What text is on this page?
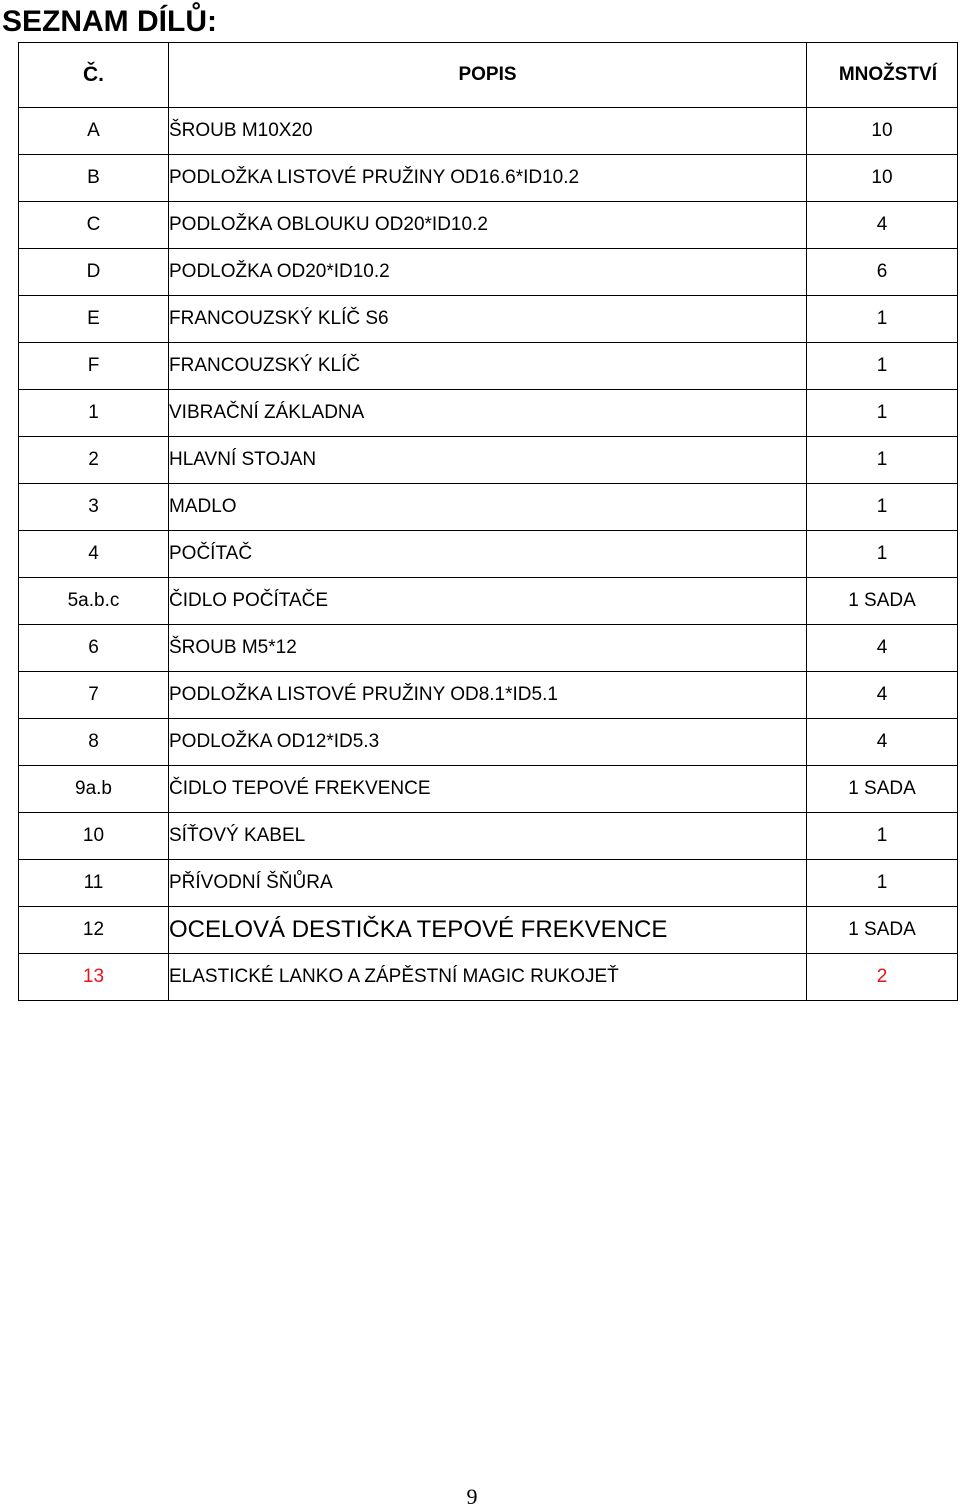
SEZNAM DÍLŮ:
Č.	POPIS	MNOŽSTVÍ
A	ŠROUB M10X20	10
B	PODLOŽKA LISTOVÉ PRUŽINY OD16.6*ID10.2	10
C	PODLOŽKA OBLOUKU OD20*ID10.2	4
D	PODLOŽKA OD20*ID10.2	6
E	FRANCOUZSKÝ KLÍČ S6	1
F	FRANCOUZSKÝ KLÍČ	1
1	VIBRAČNÍ ZÁKLADNA	1
2	HLAVNÍ STOJAN	1
3	MADLO	1
4	POČÍTAČ	1
5a.b.c	ČIDLO POČÍTAČE	1 SADA
6	ŠROUB M5*12	4
7	PODLOŽKA LISTOVÉ PRUŽINY OD8.1*ID5.1	4
8	PODLOŽKA OD12*ID5.3	4
9a.b	ČIDLO TEPOVÉ FREKVENCE	1 SADA
10	SÍŤOVÝ KABEL	1
11	PŘÍVODNÍ ŠŇŮRA	1
12	OCELOVÁ DESTIČKA TEPOVÉ FREKVENCE	1 SADA
13	ELASTICKÉ LANKO A ZÁPĚSTNÍ MAGIC RUKOJEŤ	2
9
